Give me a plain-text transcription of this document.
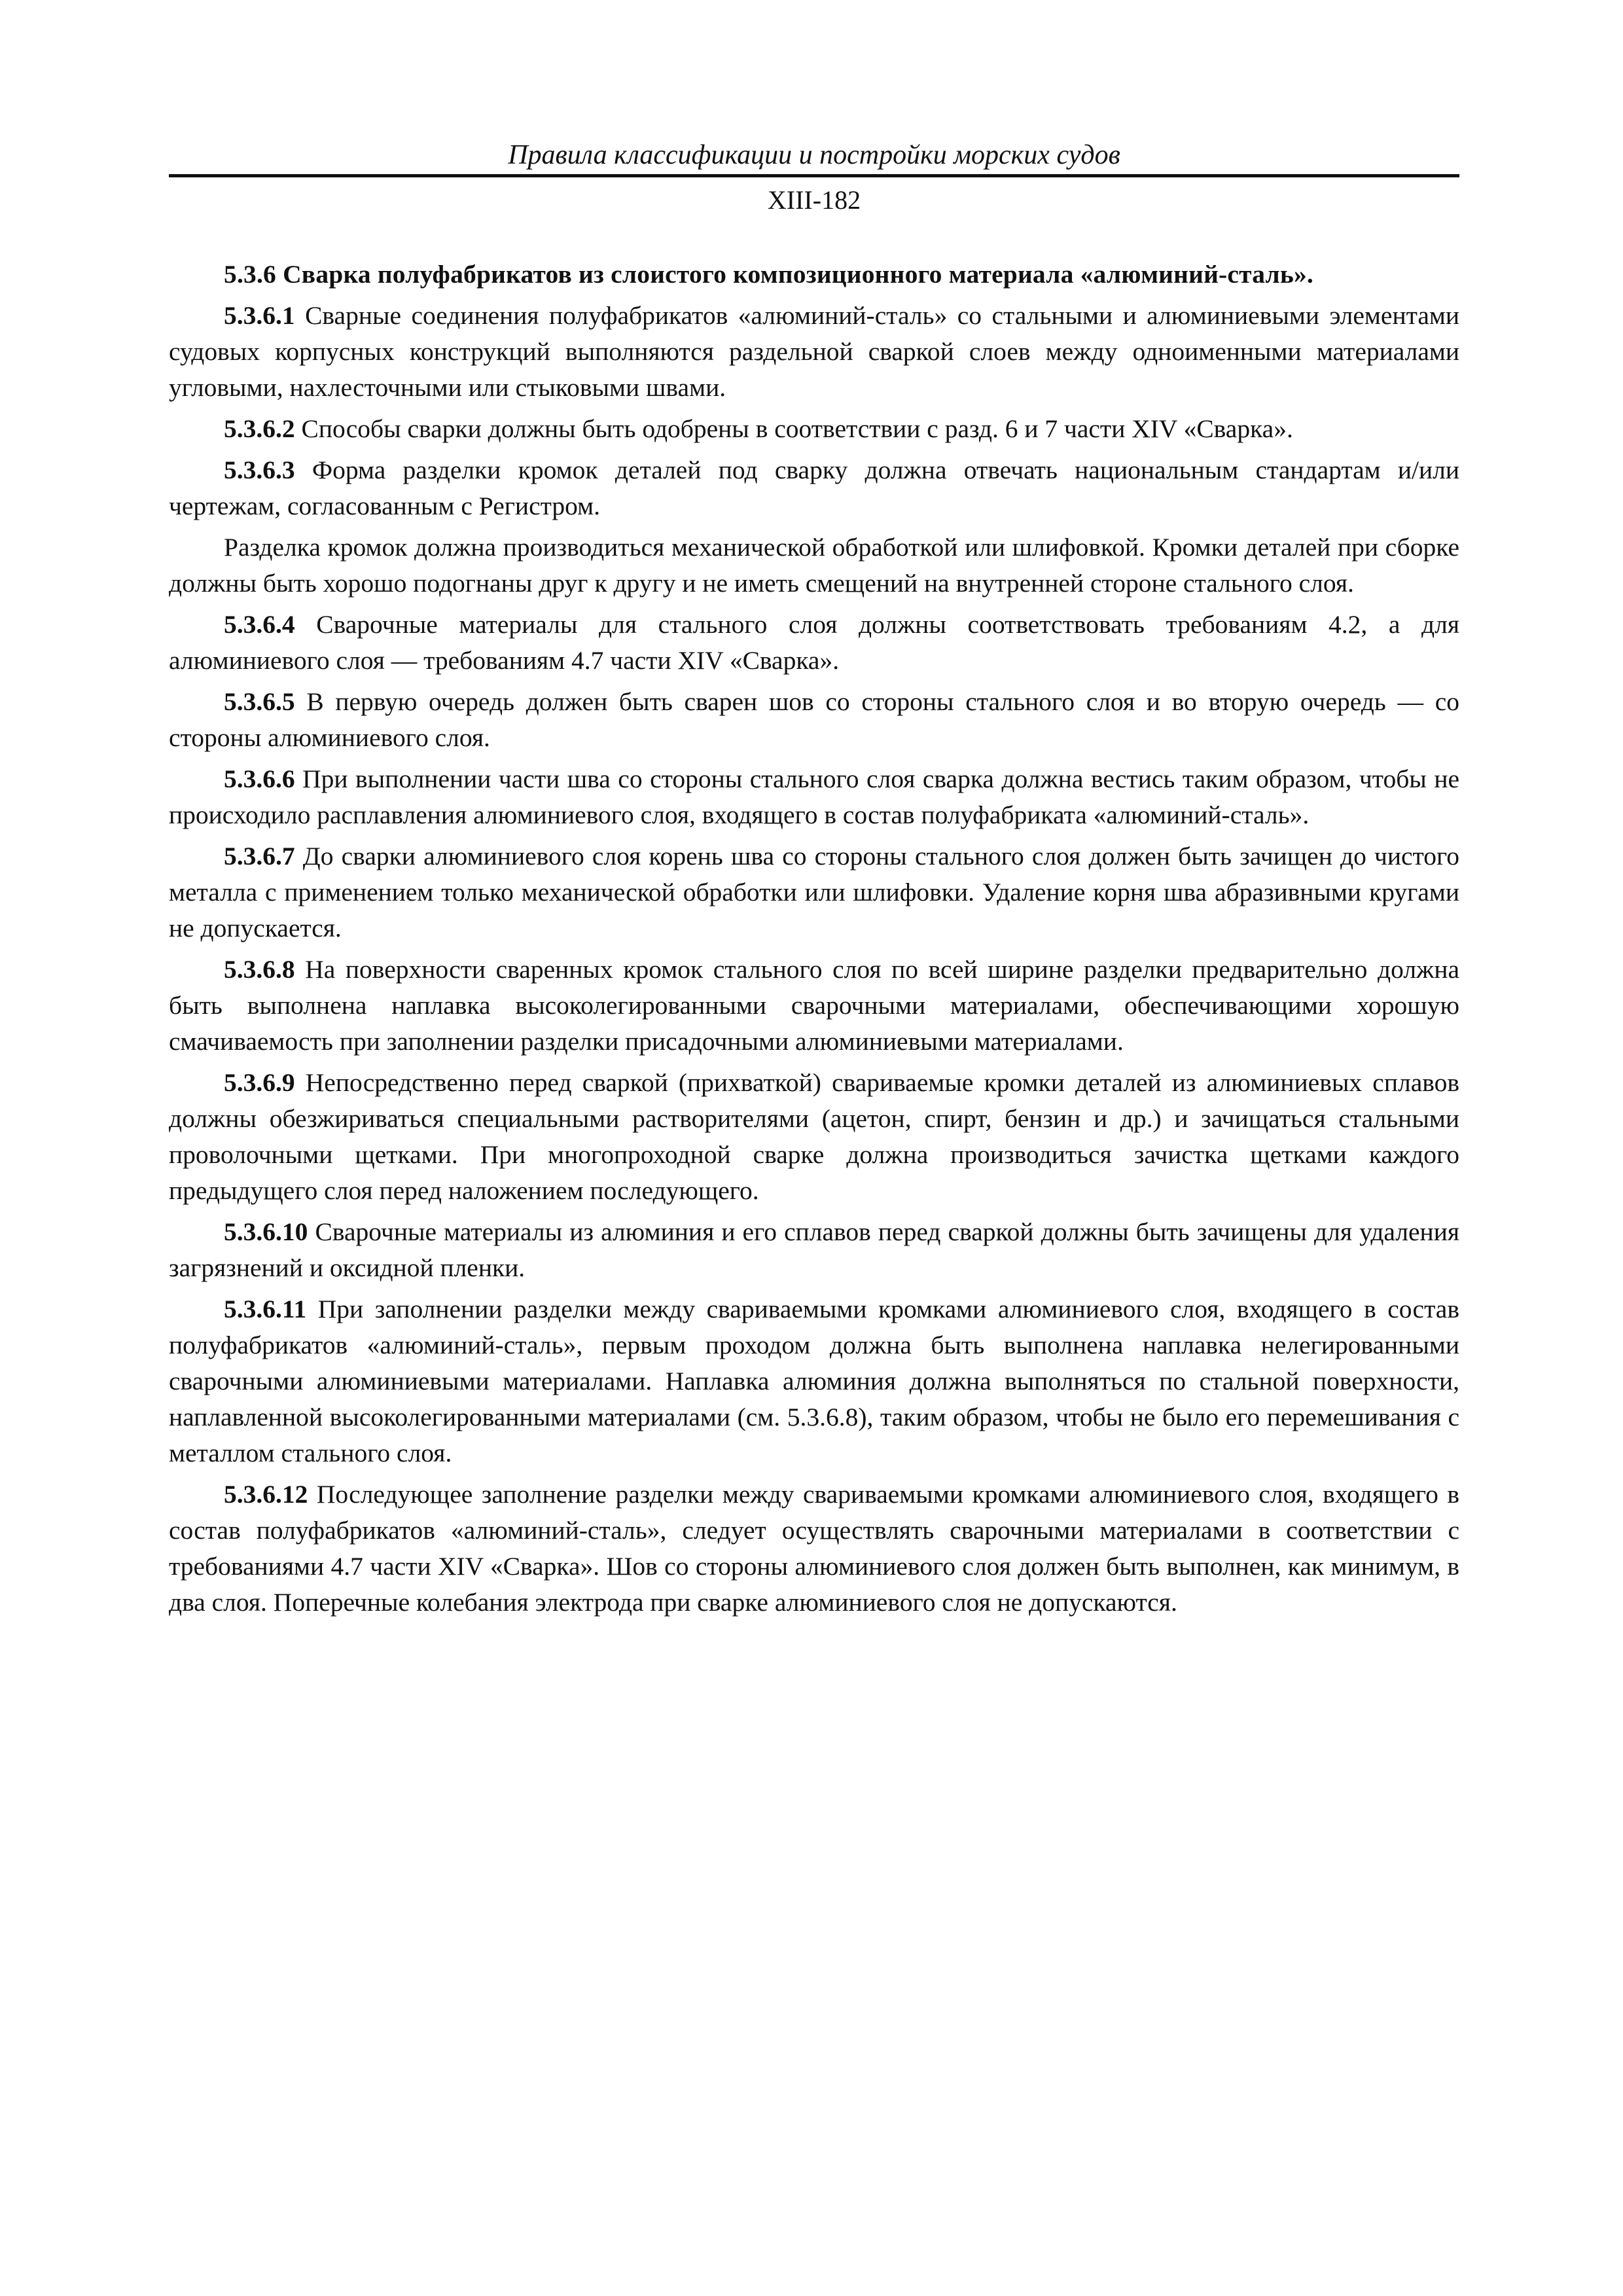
Правила классификации и постройки морских судов
XIII-182

5.3.6 Сварка полуфабрикатов из слоистого композиционного материала «алюминий-сталь».

5.3.6.1 Сварные соединения полуфабрикатов «алюминий-сталь» со стальными и алюминиевыми элементами судовых корпусных конструкций выполняются раздельной сваркой слоев между одноименными материалами угловыми, нахлесточными или стыковыми швами.

5.3.6.2 Способы сварки должны быть одобрены в соответствии с разд. 6 и 7 части XIV «Сварка».

5.3.6.3 Форма разделки кромок деталей под сварку должна отвечать национальным стандартам и/или чертежам, согласованным с Регистром.

Разделка кромок должна производиться механической обработкой или шлифовкой. Кромки деталей при сборке должны быть хорошо подогнаны друг к другу и не иметь смещений на внутренней стороне стального слоя.

5.3.6.4 Сварочные материалы для стального слоя должны соответствовать требованиям 4.2, а для алюминиевого слоя — требованиям 4.7 части XIV «Сварка».

5.3.6.5 В первую очередь должен быть сварен шов со стороны стального слоя и во вторую очередь — со стороны алюминиевого слоя.

5.3.6.6 При выполнении части шва со стороны стального слоя сварка должна вестись таким образом, чтобы не происходило расплавления алюминиевого слоя, входящего в состав полуфабриката «алюминий-сталь».

5.3.6.7 До сварки алюминиевого слоя корень шва со стороны стального слоя должен быть зачищен до чистого металла с применением только механической обработки или шлифовки. Удаление корня шва абразивными кругами не допускается.

5.3.6.8 На поверхности сваренных кромок стального слоя по всей ширине разделки предварительно должна быть выполнена наплавка высоколегированными сварочными материалами, обеспечивающими хорошую смачиваемость при заполнении разделки присадочными алюминиевыми материалами.

5.3.6.9 Непосредственно перед сваркой (прихваткой) свариваемые кромки деталей из алюминиевых сплавов должны обезжириваться специальными растворителями (ацетон, спирт, бензин и др.) и зачищаться стальными проволочными щетками. При многопроходной сварке должна производиться зачистка щетками каждого предыдущего слоя перед наложением последующего.

5.3.6.10 Сварочные материалы из алюминия и его сплавов перед сваркой должны быть зачищены для удаления загрязнений и оксидной пленки.

5.3.6.11 При заполнении разделки между свариваемыми кромками алюминиевого слоя, входящего в состав полуфабрикатов «алюминий-сталь», первым проходом должна быть выполнена наплавка нелегированными сварочными алюминиевыми материалами. Наплавка алюминия должна выполняться по стальной поверхности, наплавленной высоколегированными материалами (см. 5.3.6.8), таким образом, чтобы не было его перемешивания с металлом стального слоя.

5.3.6.12 Последующее заполнение разделки между свариваемыми кромками алюминиевого слоя, входящего в состав полуфабрикатов «алюминий-сталь», следует осуществлять сварочными материалами в соответствии с требованиями 4.7 части XIV «Сварка». Шов со стороны алюминиевого слоя должен быть выполнен, как минимум, в два слоя. Поперечные колебания электрода при сварке алюминиевого слоя не допускаются.
